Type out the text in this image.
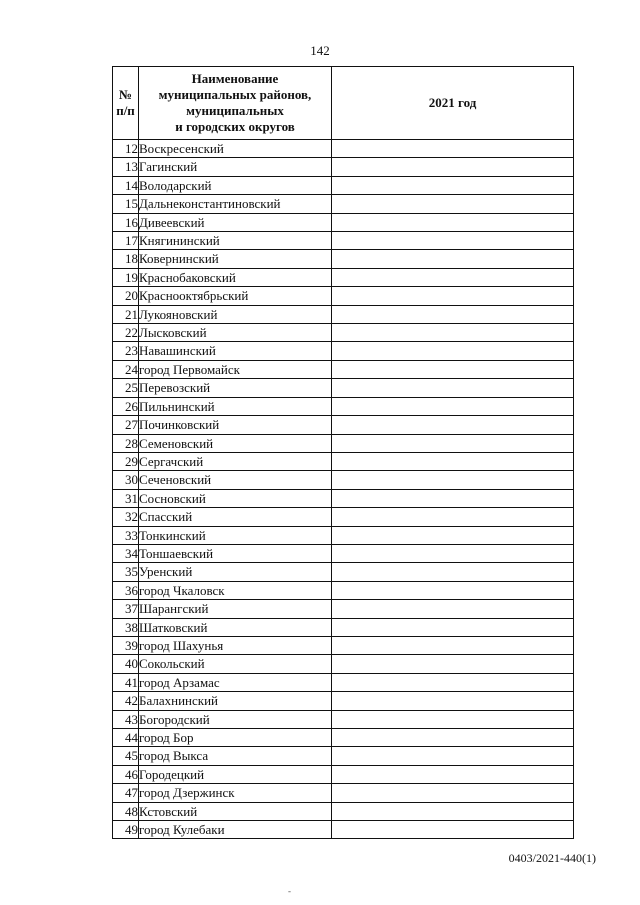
142
№ п/п	Наименование
муниципальных районов,
муниципальных
и городских округов	2021 год
12	Воскресенский	
13	Гагинский	
14	Володарский	
15	Дальнеконстантиновский	
16	Дивеевский	
17	Княгининский	
18	Ковернинский	
19	Краснобаковский	
20	Краснооктябрьский	
21	Лукояновский	
22	Лысковский	
23	Навашинский	
24	город Первомайск	
25	Перевозский	
26	Пильнинский	
27	Починковский	
28	Семеновский	
29	Сергачский	
30	Сеченовский	
31	Сосновский	
32	Спасский	
33	Тонкинский	
34	Тоншаевский	
35	Уренский	
36	город Чкаловск	
37	Шарангский	
38	Шатковский	
39	город Шахунья	
40	Сокольский	
41	город Арзамас	
42	Балахнинский	
43	Богородский	
44	город Бор	
45	город Выкса	
46	Городецкий	
47	город Дзержинск	
48	Кстовский	
49	город Кулебаки	
0403/2021-440(1)
-
